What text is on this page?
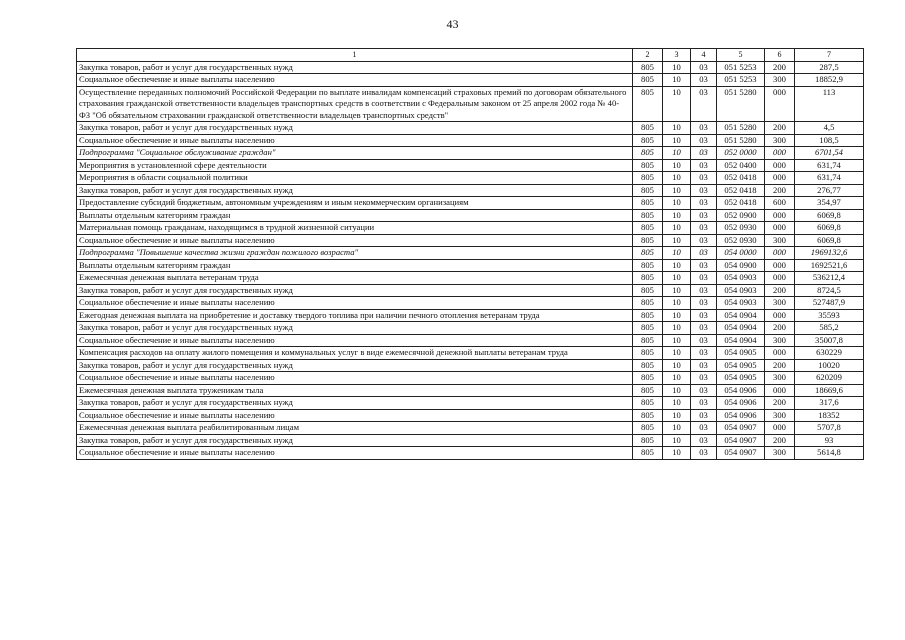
43
1	2	3	4	5	6	7
Закупка товаров, работ и услуг для государственных нужд	805	10	03	051 5253	200	287,5
Социальное обеспечение и иные выплаты населению	805	10	03	051 5253	300	18852,9
Осуществление переданных полномочий Российской Федерации по выплате инвалидам компенсаций страховых премий по договорам обязательного страхования гражданской ответственности владельцев транспортных средств в соответствии с Федеральным законом от 25 апреля 2002 года № 40-ФЗ "Об обязательном страховании гражданской ответственности владельцев транспортных средств"	805	10	03	051 5280	000	113
Закупка товаров, работ и услуг для государственных нужд	805	10	03	051 5280	200	4,5
Социальное обеспечение и иные выплаты населению	805	10	03	051 5280	300	108,5
Подпрограмма "Социальное обслуживание граждан"	805	10	03	052 0000	000	6701,54
Мероприятия в установленной сфере деятельности	805	10	03	052 0400	000	631,74
Мероприятия в области социальной политики	805	10	03	052 0418	000	631,74
Закупка товаров, работ и услуг для государственных нужд	805	10	03	052 0418	200	276,77
Предоставление субсидий бюджетным, автономным учреждениям и иным некоммерческим организациям	805	10	03	052 0418	600	354,97
Выплаты отдельным категориям граждан	805	10	03	052 0900	000	6069,8
Материальная помощь гражданам, находящимся в трудной жизненной ситуации	805	10	03	052 0930	000	6069,8
Социальное обеспечение и иные выплаты населению	805	10	03	052 0930	300	6069,8
Подпрограмма "Повышение качества жизни граждан пожилого возраста"	805	10	03	054 0000	000	1969132,6
Выплаты отдельным категориям граждан	805	10	03	054 0900	000	1692521,6
Ежемесячная денежная выплата ветеранам труда	805	10	03	054 0903	000	536212,4
Закупка товаров, работ и услуг для государственных нужд	805	10	03	054 0903	200	8724,5
Социальное обеспечение и иные выплаты населению	805	10	03	054 0903	300	527487,9
Ежегодная денежная выплата на приобретение и доставку твердого топлива при наличии печного отопления ветеранам труда	805	10	03	054 0904	000	35593
Закупка товаров, работ и услуг для государственных нужд	805	10	03	054 0904	200	585,2
Социальное обеспечение и иные выплаты населению	805	10	03	054 0904	300	35007,8
Компенсация расходов на оплату жилого помещения и коммунальных услуг в виде ежемесячной денежной выплаты ветеранам труда	805	10	03	054 0905	000	630229
Закупка товаров, работ и услуг для государственных нужд	805	10	03	054 0905	200	10020
Социальное обеспечение и иные выплаты населению	805	10	03	054 0905	300	620209
Ежемесячная денежная выплата труженикам тыла	805	10	03	054 0906	000	18669,6
Закупка товаров, работ и услуг для государственных нужд	805	10	03	054 0906	200	317,6
Социальное обеспечение и иные выплаты населению	805	10	03	054 0906	300	18352
Ежемесячная денежная выплата реабилитированным лицам	805	10	03	054 0907	000	5707,8
Закупка товаров, работ и услуг для государственных нужд	805	10	03	054 0907	200	93
Социальное обеспечение и иные выплаты населению	805	10	03	054 0907	300	5614,8
